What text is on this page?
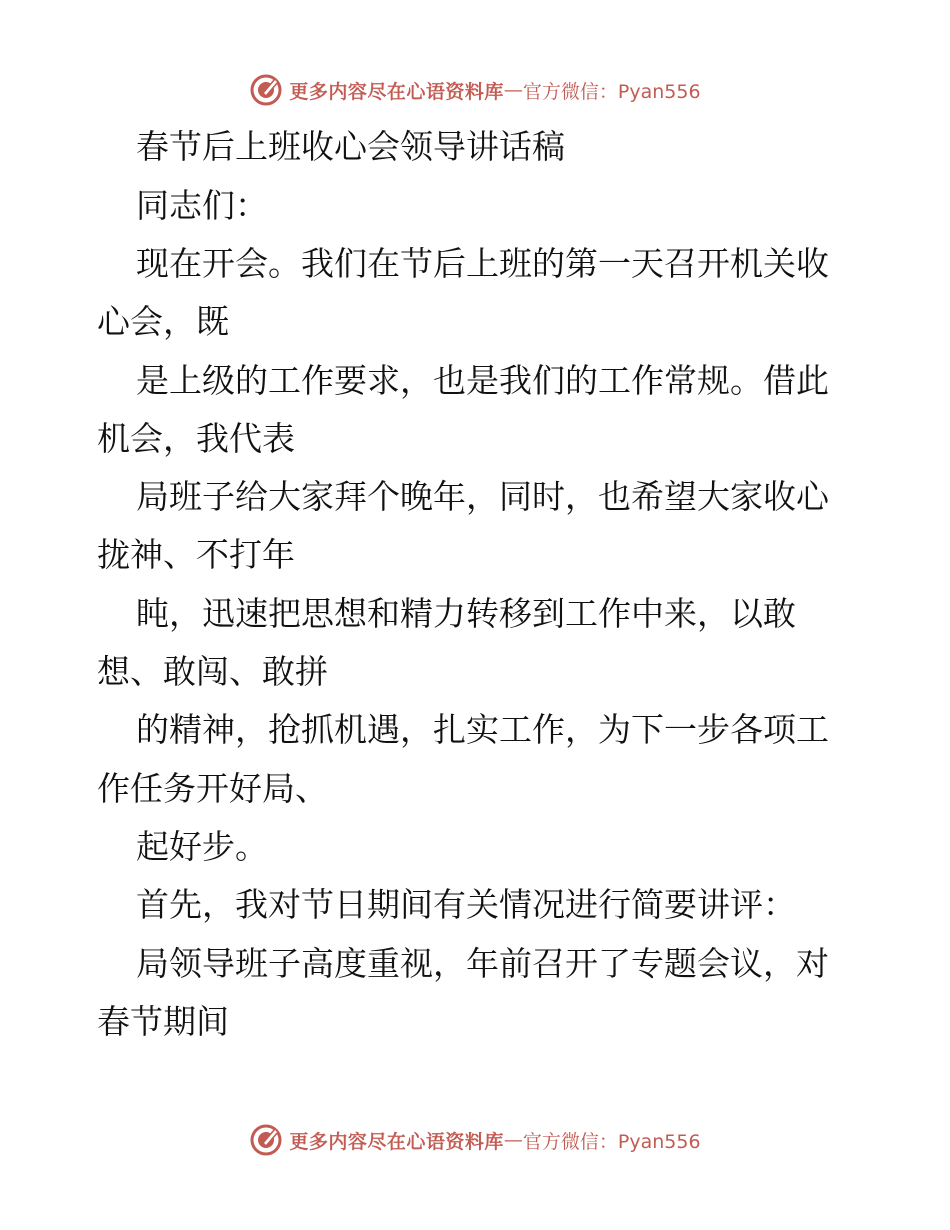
更多内容尽在心语资料库 — 官方微信：Pyan556
春节后上班收心会领导讲话稿
同志们：
现在开会。我们在节后上班的第一天召开机关收
心会，既
是上级的工作要求，也是我们的工作常规。借此
机会，我代表
局班子给大家拜个晚年，同时，也希望大家收心
拢神、不打年
盹，迅速把思想和精力转移到工作中来，以敢
想、敢闯、敢拼
的精神，抢抓机遇，扎实工作，为下一步各项工
作任务开好局、
起好步。
首先，我对节日期间有关情况进行简要讲评：
局领导班子高度重视，年前召开了专题会议，对
春节期间
更多内容尽在心语资料库 — 官方微信：Pyan556
